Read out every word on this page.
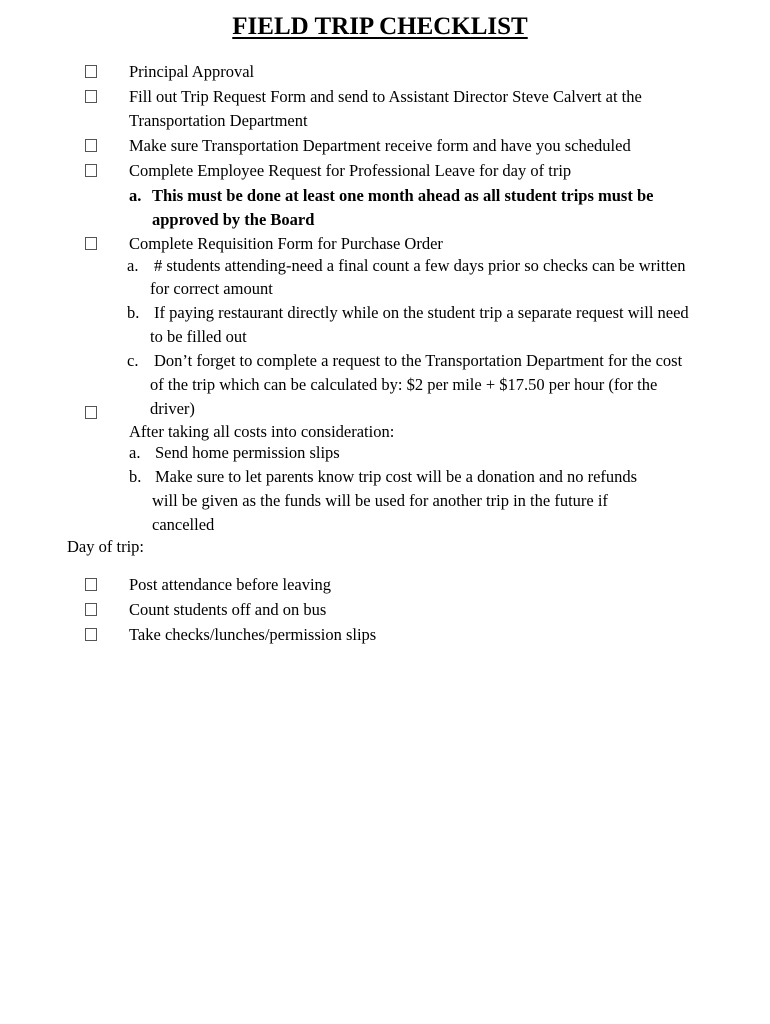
FIELD TRIP CHECKLIST
Principal Approval
Fill out Trip Request Form and send to Assistant Director Steve Calvert at the
Transportation Department
Make sure Transportation Department receive form and have you scheduled
Complete Employee Request for Professional Leave for day of trip
a. This must be done at least one month ahead as all student trips must be
approved by the Board
Complete Requisition Form for Purchase Order
a. # students attending-need a final count a few days prior so checks can be written
for correct amount
b. If paying restaurant directly while on the student trip a separate request will need
to be filled out
c. Don’t forget to complete a request to the Transportation Department for the cost
of the trip which can be calculated by: $2 per mile + $17.50 per hour (for the
driver)
After taking all costs into consideration:
a. Send home permission slips
b. Make sure to let parents know trip cost will be a donation and no refunds
will be given as the funds will be used for another trip in the future if
cancelled
Day of trip:
Post attendance before leaving
Count students off and on bus
Take checks/lunches/permission slips
